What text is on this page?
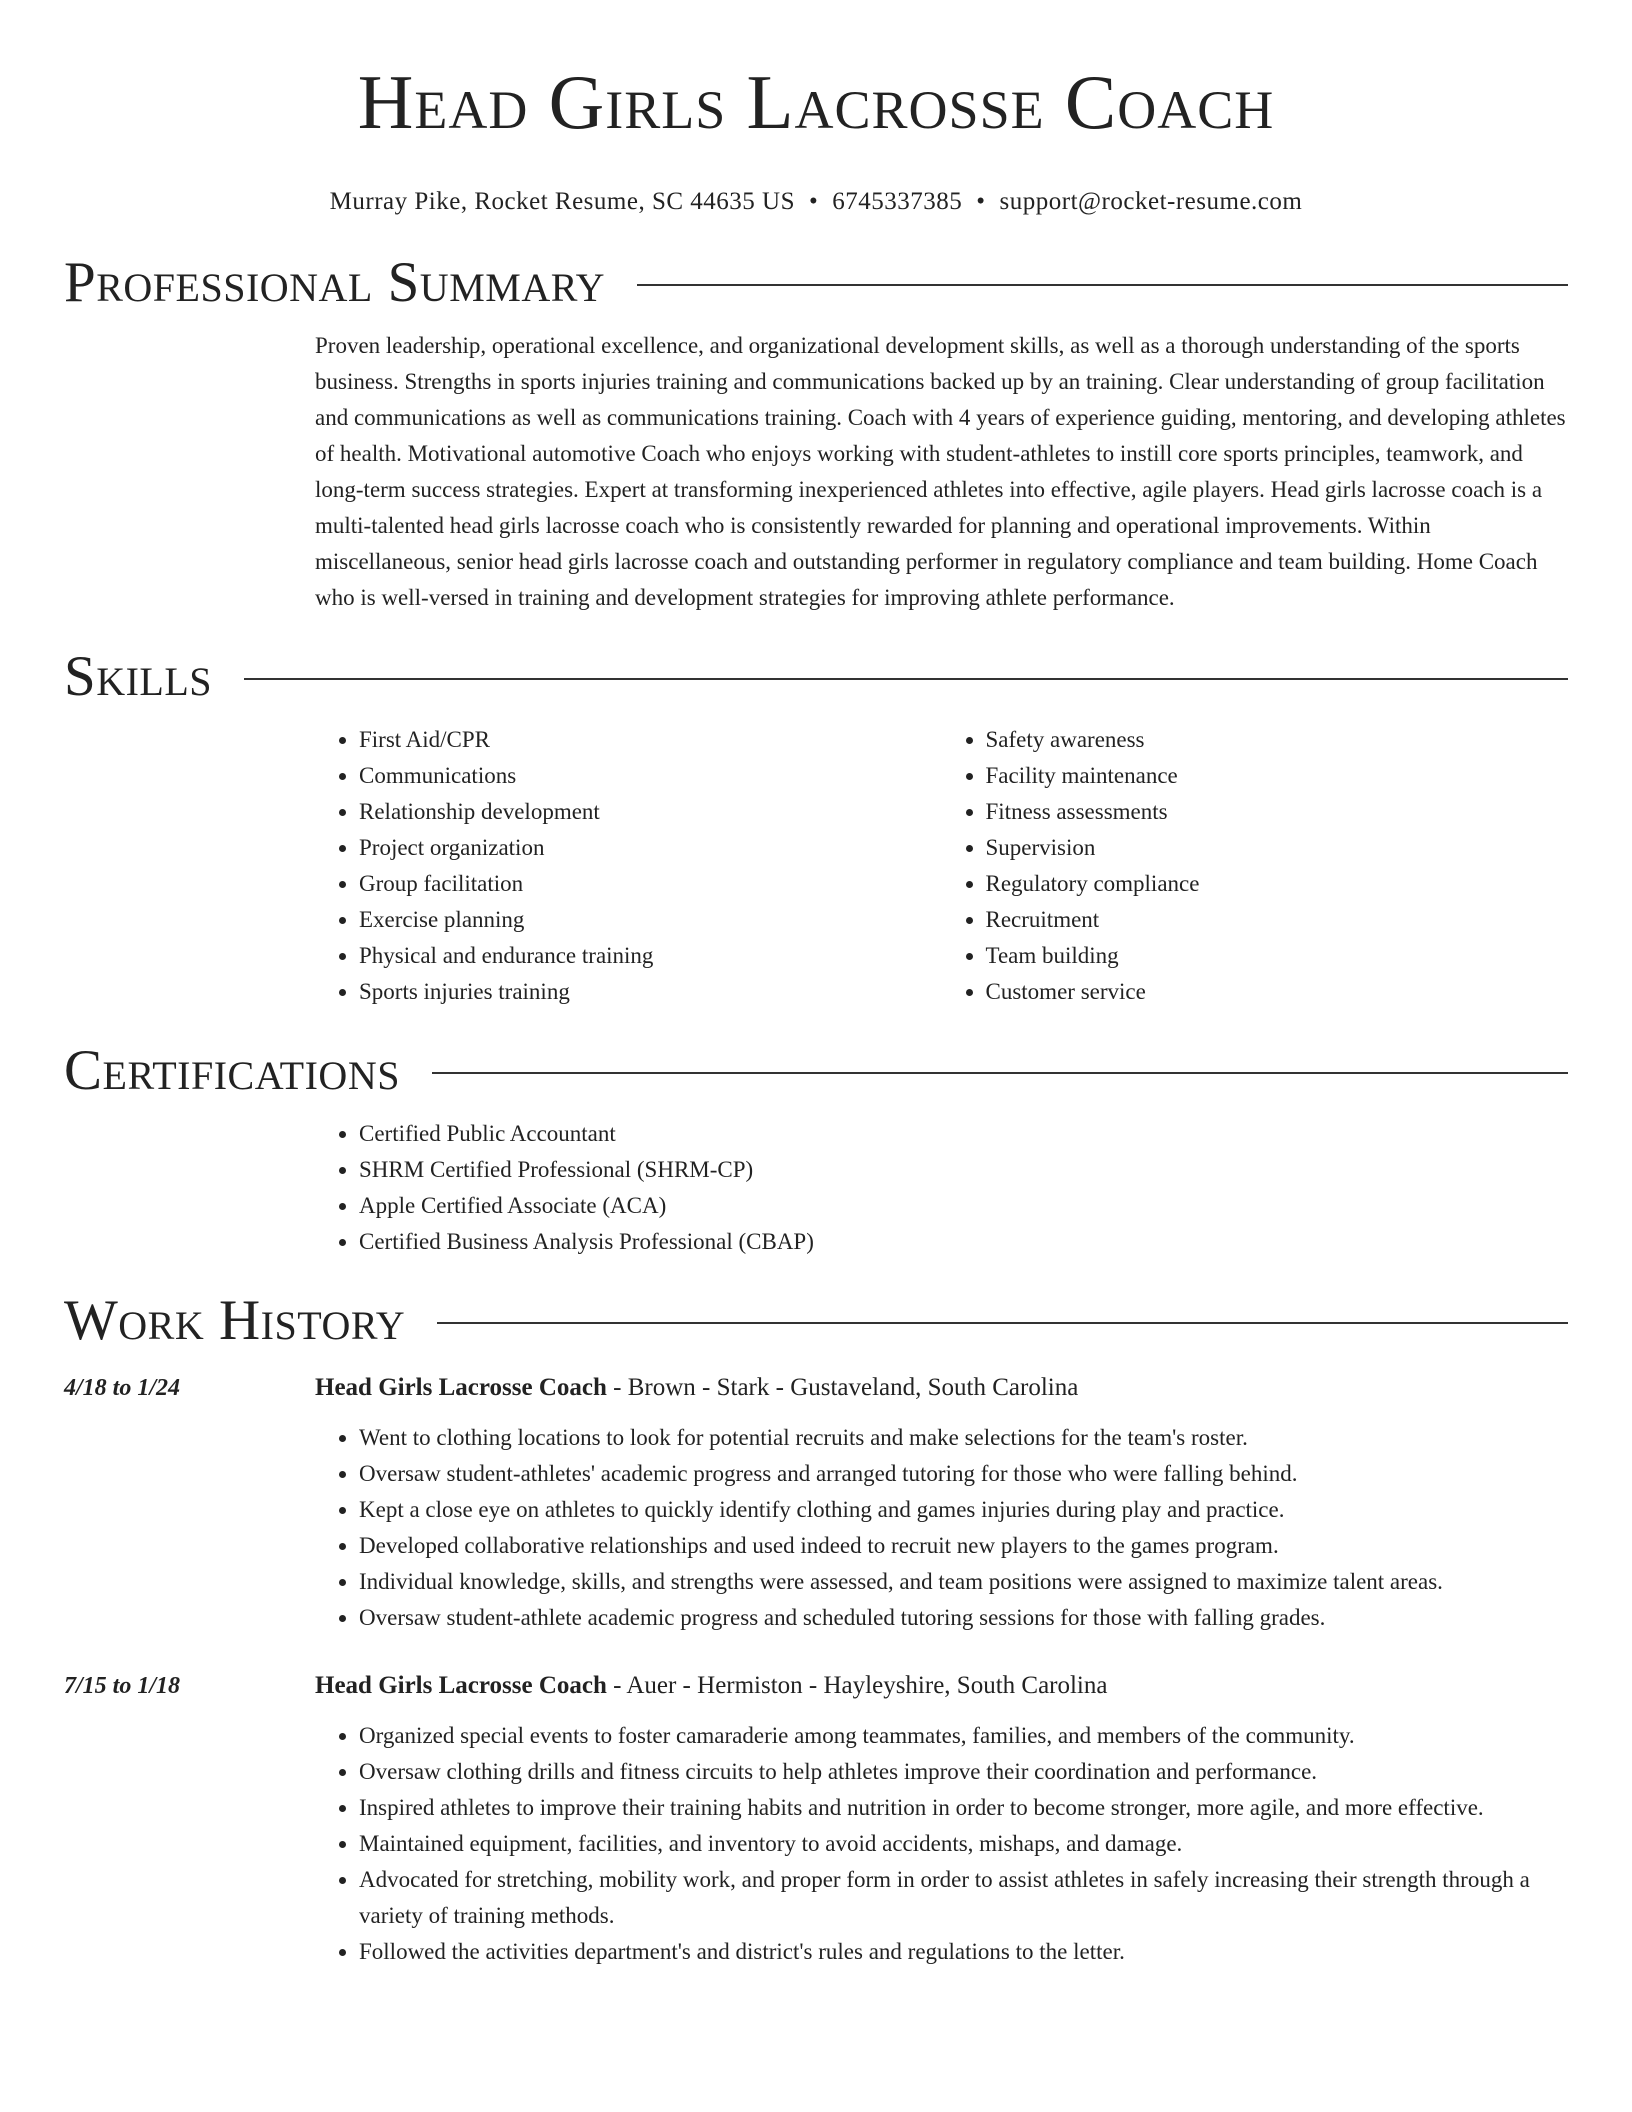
Head Girls Lacrosse Coach
Murray Pike, Rocket Resume, SC 44635 US • 6745337385 • support@rocket-resume.com
Professional Summary
Proven leadership, operational excellence, and organizational development skills, as well as a thorough understanding of the sports business. Strengths in sports injuries training and communications backed up by an training. Clear understanding of group facilitation and communications as well as communications training. Coach with 4 years of experience guiding, mentoring, and developing athletes of health. Motivational automotive Coach who enjoys working with student-athletes to instill core sports principles, teamwork, and long-term success strategies. Expert at transforming inexperienced athletes into effective, agile players. Head girls lacrosse coach is a multi-talented head girls lacrosse coach who is consistently rewarded for planning and operational improvements. Within miscellaneous, senior head girls lacrosse coach and outstanding performer in regulatory compliance and team building. Home Coach who is well-versed in training and development strategies for improving athlete performance.
Skills
• First Aid/CPR
• Communications
• Relationship development
• Project organization
• Group facilitation
• Exercise planning
• Physical and endurance training
• Sports injuries training
• Safety awareness
• Facility maintenance
• Fitness assessments
• Supervision
• Regulatory compliance
• Recruitment
• Team building
• Customer service
Certifications
• Certified Public Accountant
• SHRM Certified Professional (SHRM-CP)
• Apple Certified Associate (ACA)
• Certified Business Analysis Professional (CBAP)
Work History
4/18 to 1/24	Head Girls Lacrosse Coach - Brown - Stark - Gustaveland, South Carolina
• Went to clothing locations to look for potential recruits and make selections for the team's roster.
• Oversaw student-athletes' academic progress and arranged tutoring for those who were falling behind.
• Kept a close eye on athletes to quickly identify clothing and games injuries during play and practice.
• Developed collaborative relationships and used indeed to recruit new players to the games program.
• Individual knowledge, skills, and strengths were assessed, and team positions were assigned to maximize talent areas.
• Oversaw student-athlete academic progress and scheduled tutoring sessions for those with falling grades.
7/15 to 1/18	Head Girls Lacrosse Coach - Auer - Hermiston - Hayleyshire, South Carolina
• Organized special events to foster camaraderie among teammates, families, and members of the community.
• Oversaw clothing drills and fitness circuits to help athletes improve their coordination and performance.
• Inspired athletes to improve their training habits and nutrition in order to become stronger, more agile, and more effective.
• Maintained equipment, facilities, and inventory to avoid accidents, mishaps, and damage.
• Advocated for stretching, mobility work, and proper form in order to assist athletes in safely increasing their strength through a variety of training methods.
• Followed the activities department's and district's rules and regulations to the letter.
